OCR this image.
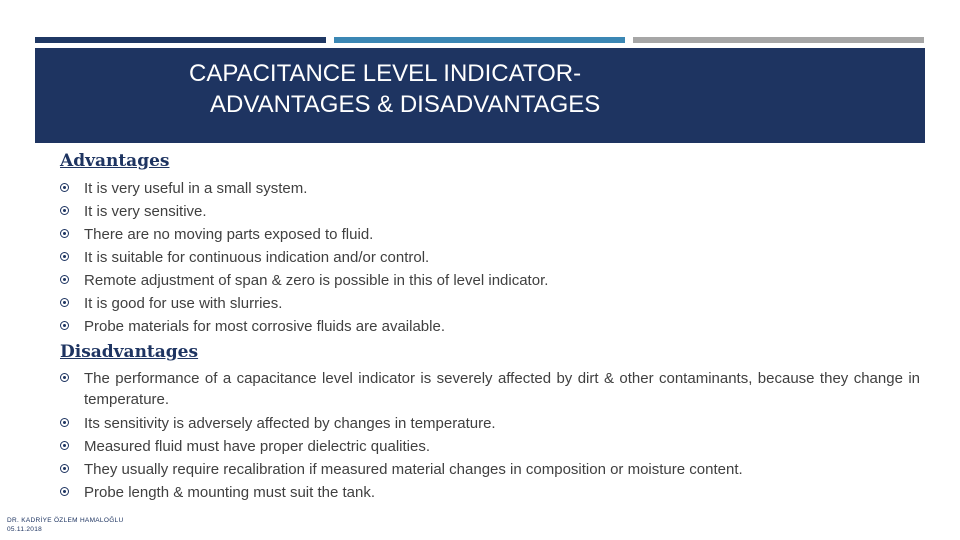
CAPACITANCE LEVEL INDICATOR-
ADVANTAGES & DISADVANTAGES
Advantages
It is very useful in a small system.
It is very sensitive.
There are no moving parts exposed to fluid.
It is suitable for continuous indication and/or control.
Remote adjustment of span & zero is possible in this of level indicator.
It is good for use with slurries.
Probe materials for most corrosive fluids are available.
Disadvantages
The performance of a capacitance level indicator is severely affected by dirt & other contaminants, because they change in temperature.
Its sensitivity is adversely affected by changes in temperature.
Measured fluid must have proper dielectric qualities.
They usually require recalibration if measured material changes in composition or moisture content.
Probe length & mounting must suit the tank.
DR. KADRİYE ÖZLEM HAMALOĞLU
05.11.2018
